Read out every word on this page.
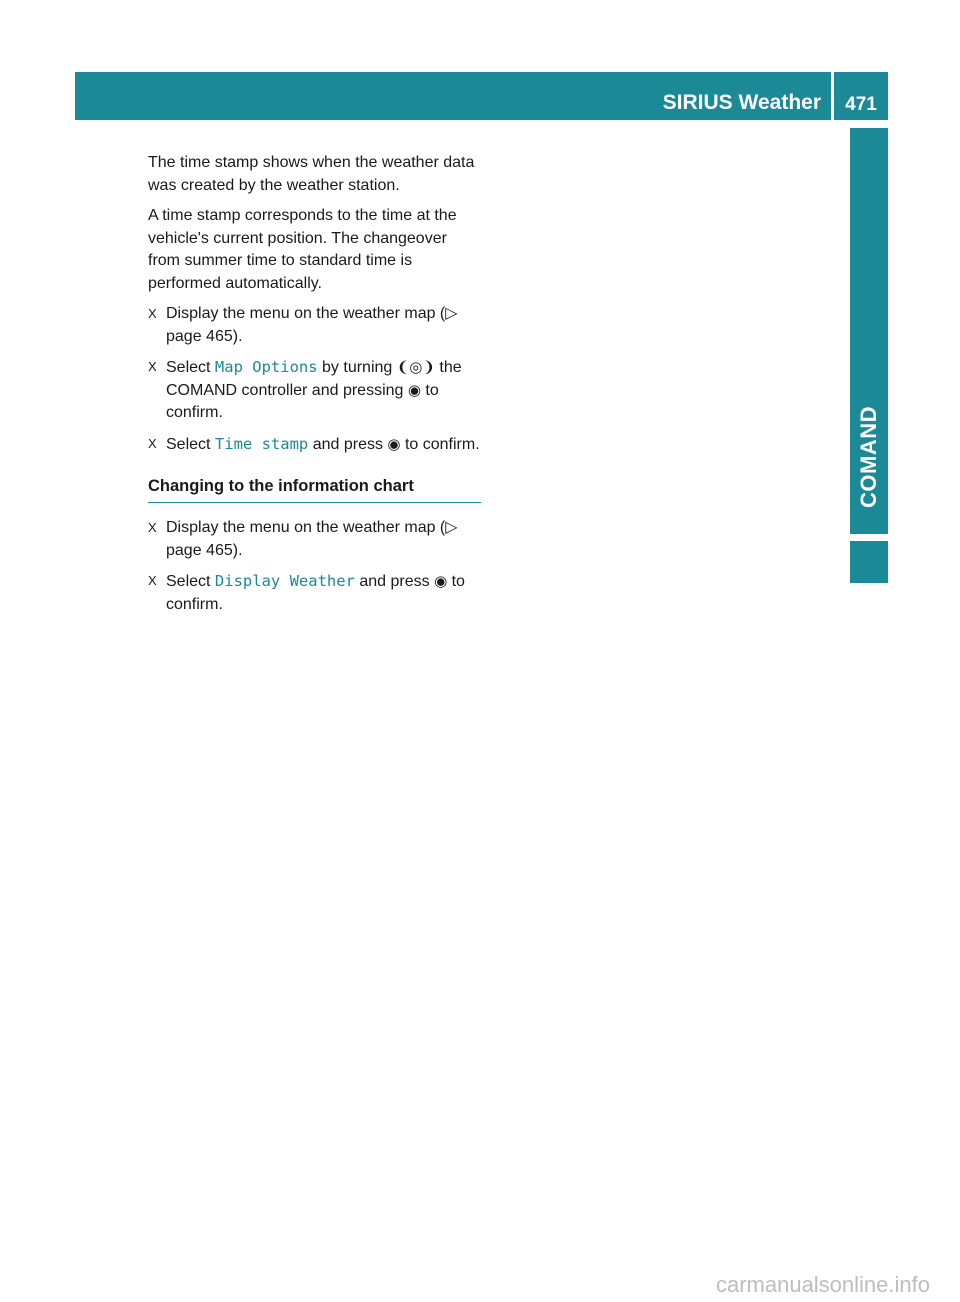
SIRIUS Weather	471
COMAND

The time stamp shows when the weather data was created by the weather station.

A time stamp corresponds to the time at the vehicle's current position. The changeover from summer time to standard time is performed automatically.

X Display the menu on the weather map (▷ page 465).
X Select Map Options by turning ❨◎❩ the COMAND controller and pressing ◉ to confirm.
X Select Time stamp and press ◉ to confirm.
Changing to the information chart
X Display the menu on the weather map (▷ page 465).
X Select Display Weather and press ◉ to confirm.
carmanualsonline.info
